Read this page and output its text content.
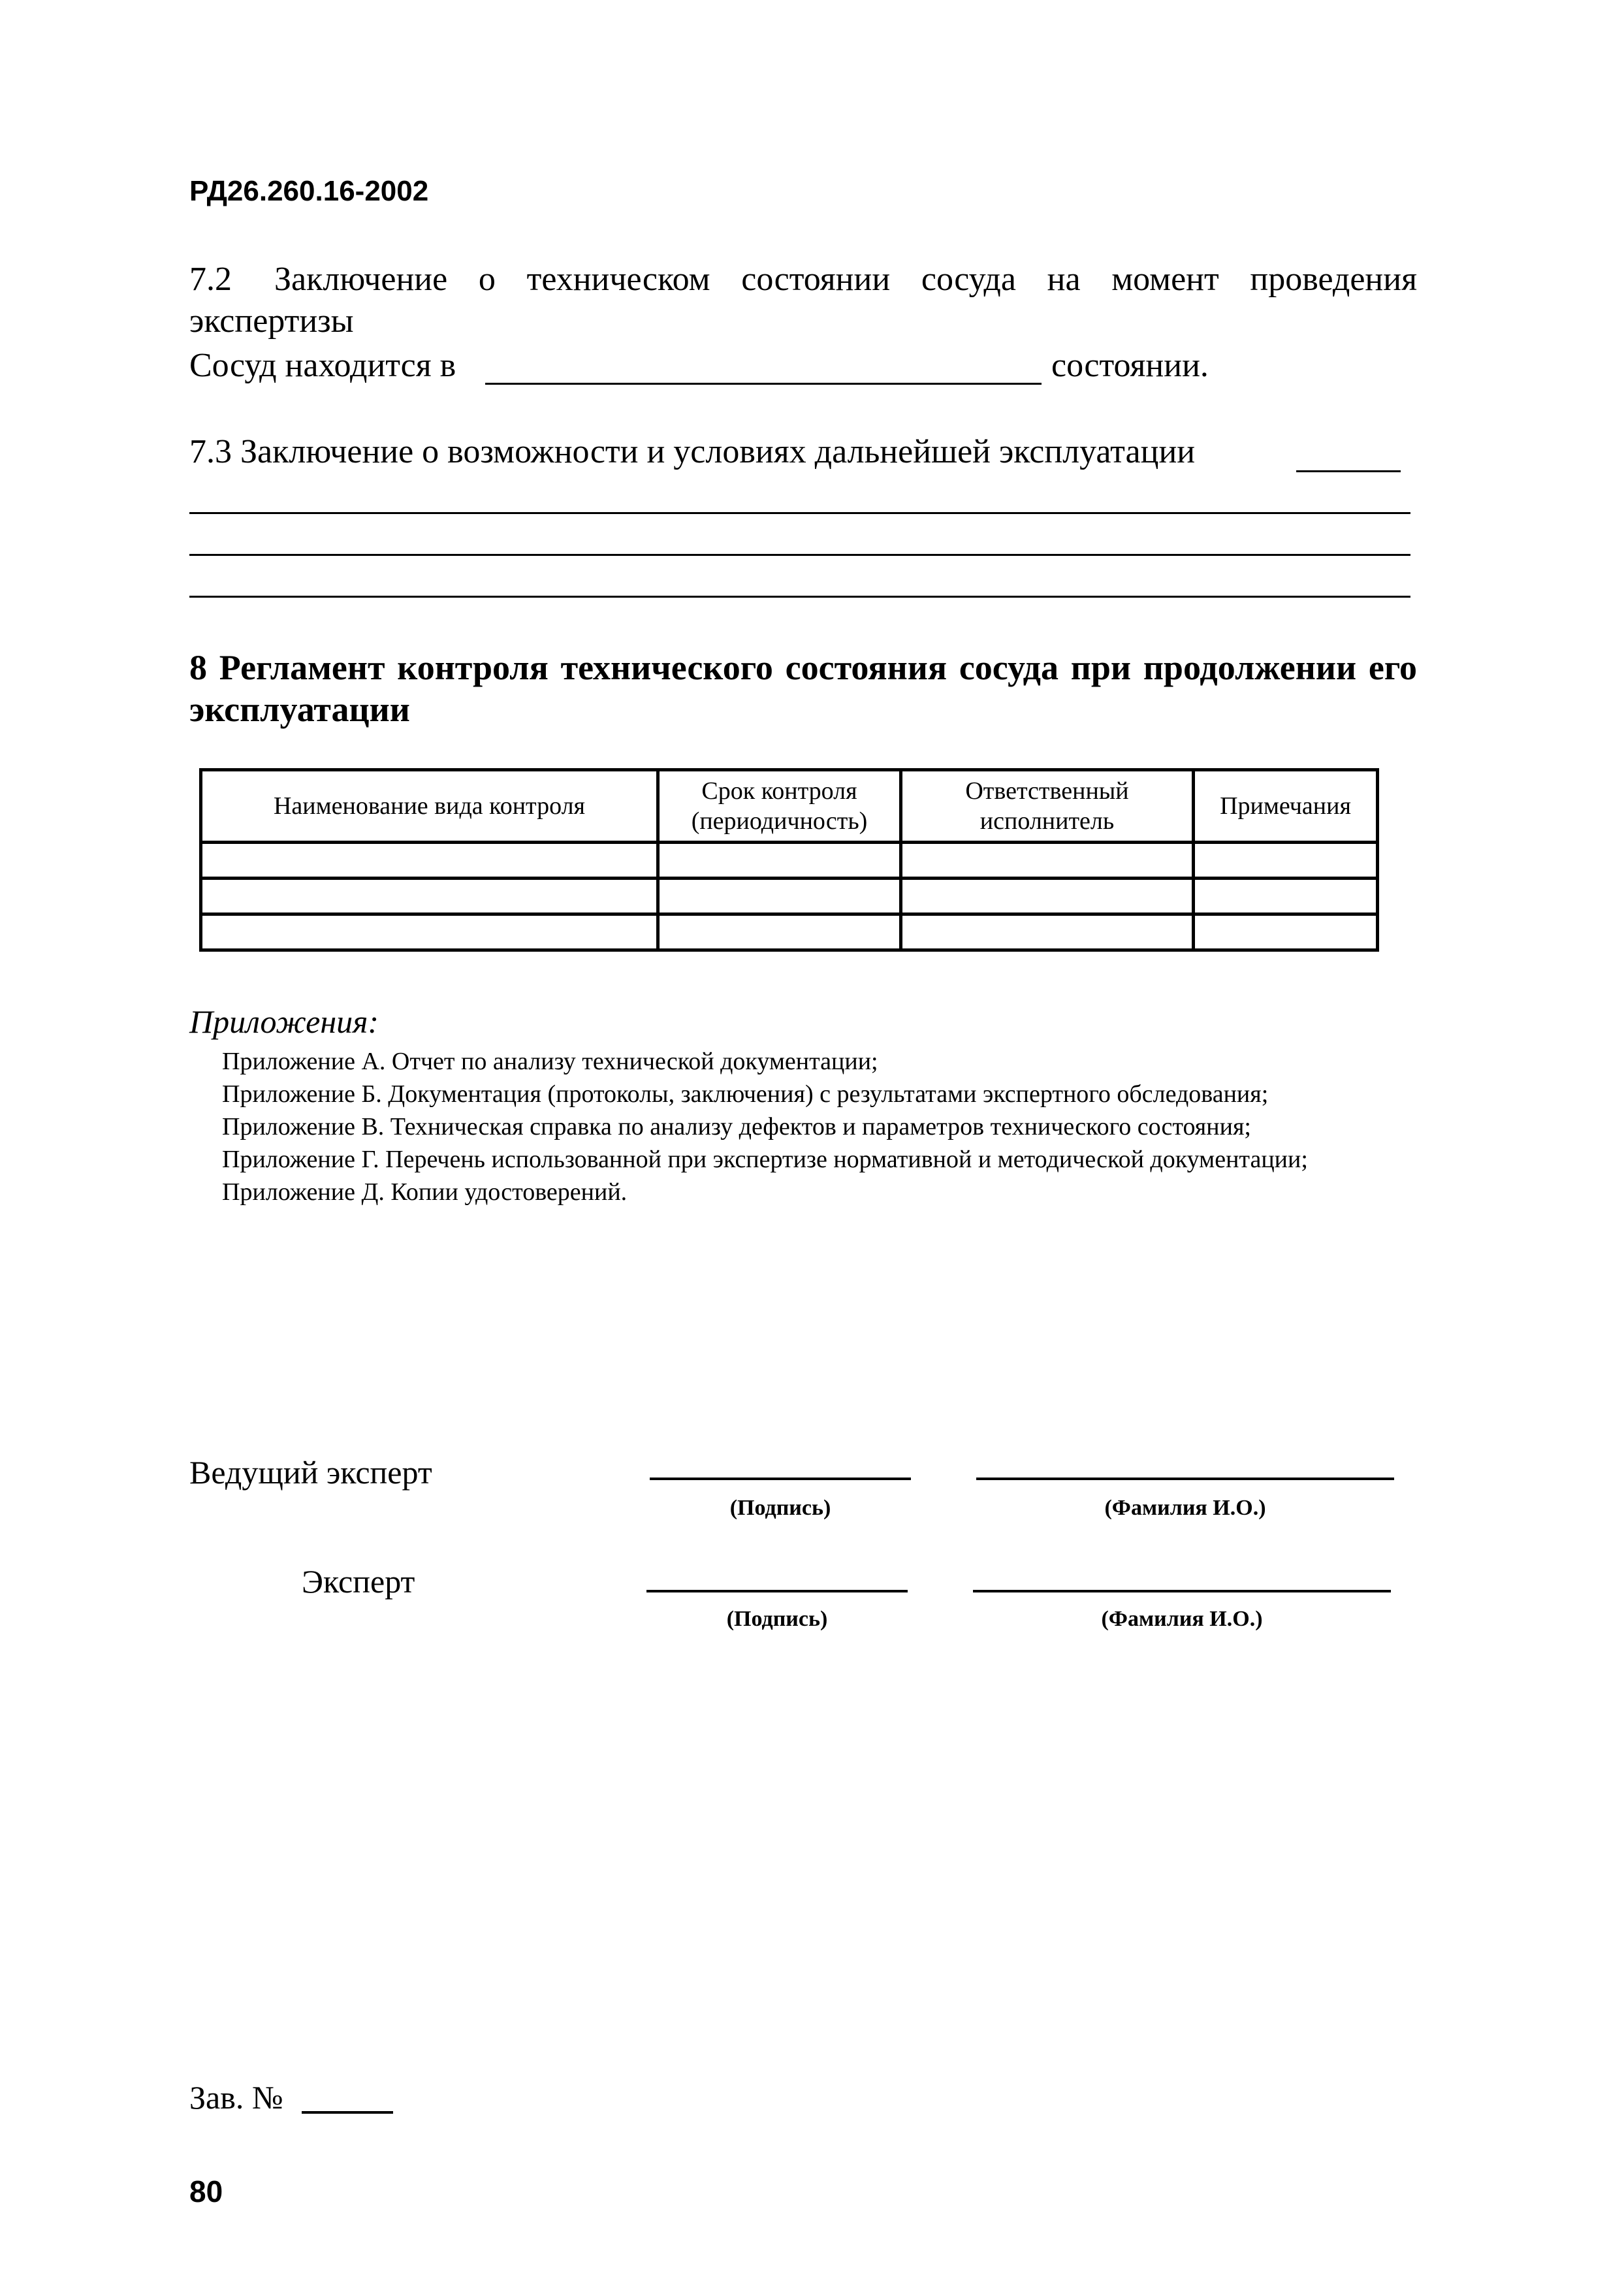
РД26.260.16-2002
7.2	Заключение о техническом состоянии сосуда на момент проведения
экспертизы
Сосуд находится в	состоянии.
7.3 Заключение о возможности и условиях дальнейшей эксплуатации
8 Регламент контроля технического состояния сосуда при продолжении его эксплуатации
Наименование вида контроля	Срок контроля (периодичность)	Ответственный исполнитель	Примечания

Приложения:
Приложение А. Отчет по анализу технической документации;
Приложение Б. Документация (протоколы, заключения) с результатами экспертного обследования;
Приложение В. Техническая справка по анализу дефектов и параметров технического состояния;
Приложение Г. Перечень использованной при экспертизе нормативной и методической документации;
Приложение Д. Копии удостоверений.
Ведущий эксперт
(Подпись)	(Фамилия И.О.)
Эксперт
(Подпись)	(Фамилия И.О.)
Зав. №
80
